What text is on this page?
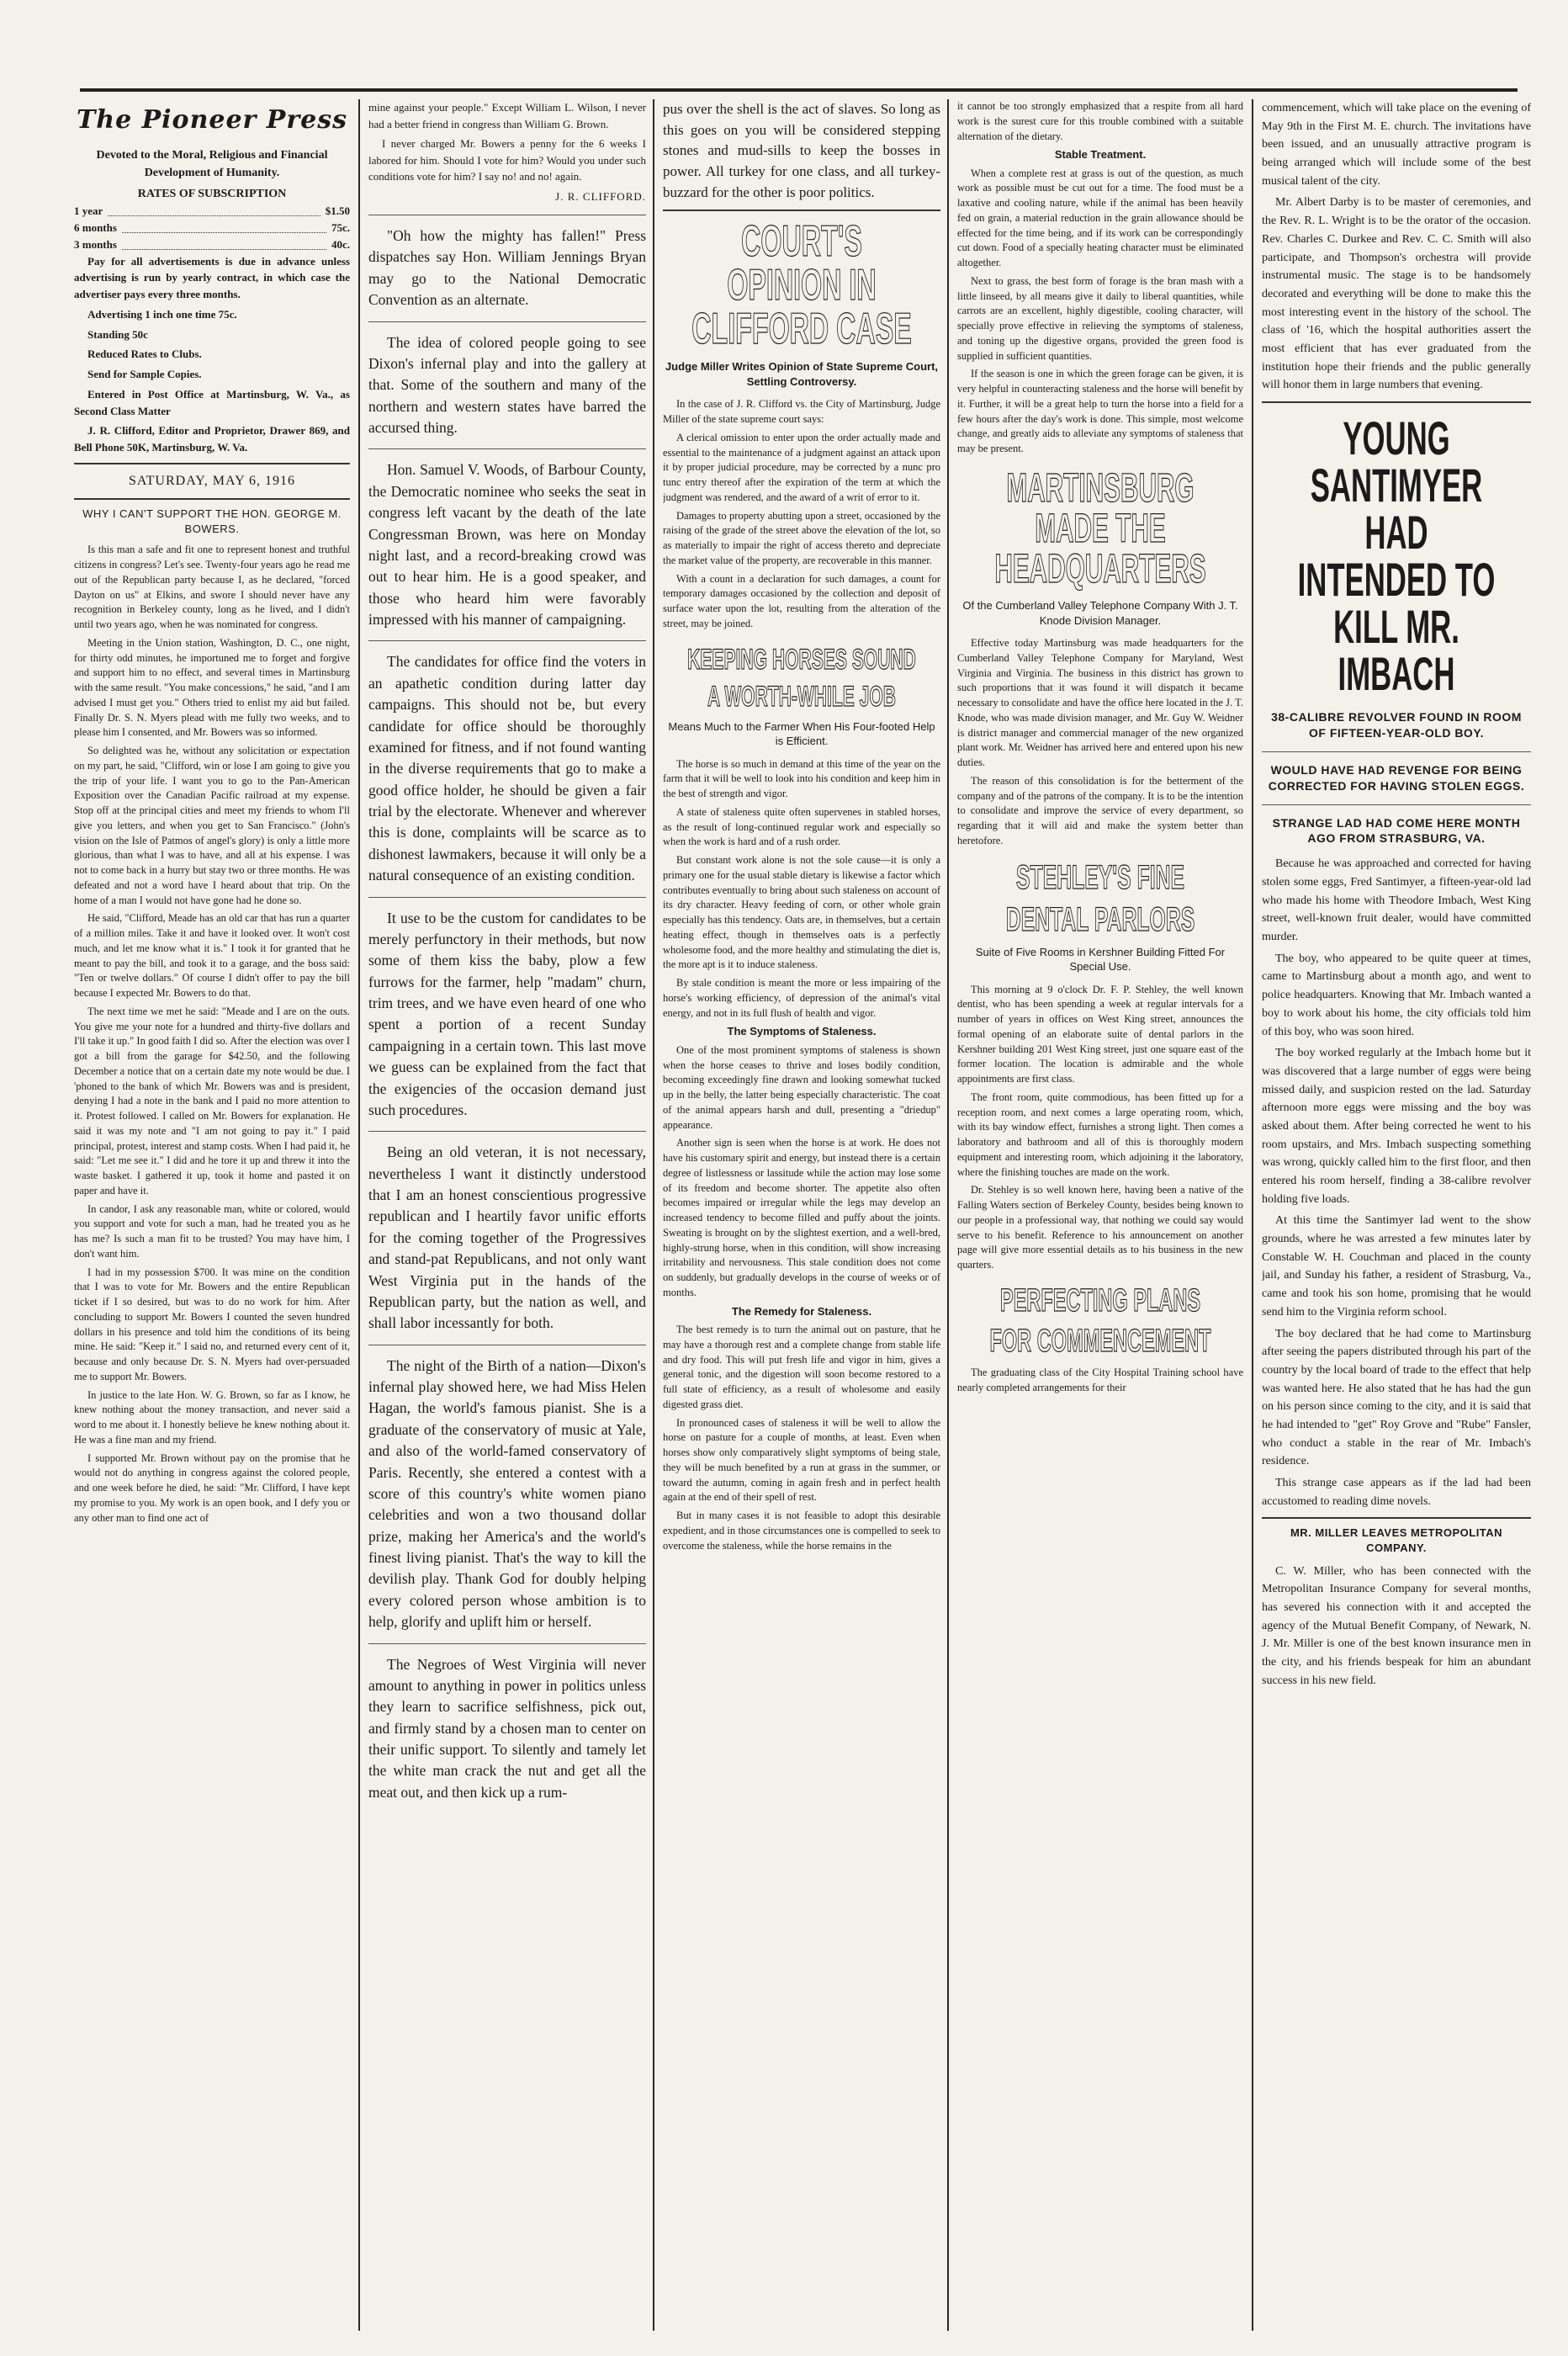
The Pioneer Press
Devoted to the Moral, Religious and Financial Development of Humanity.
RATES OF SUBSCRIPTION
1 year	$1.50
6 months	75c.
3 months	40c.

Pay for all advertisements is due in advance unless advertising is run by yearly contract, in which case the advertiser pays every three months.

Advertising 1 inch one time 75c.

Standing 50c

Reduced Rates to Clubs.

Send for Sample Copies.

Entered in Post Office at Martinsburg, W. Va., as Second Class Matter

J. R. Clifford, Editor and Proprietor, Drawer 869, and Bell Phone 50K, Martinsburg, W. Va.

SATURDAY, MAY 6, 1916
WHY I CAN'T SUPPORT THE HON. GEORGE M. BOWERS.

Is this man a safe and fit one to represent honest and truthful citizens in congress? Let's see. Twenty-four years ago he read me out of the Republican party because I, as he declared, "forced Dayton on us" at Elkins, and swore I should never have any recognition in Berkeley county, long as he lived, and I didn't until two years ago, when he was nominated for congress.

Meeting in the Union station, Washington, D. C., one night, for thirty odd minutes, he importuned me to forget and forgive and support him to no effect, and several times in Martinsburg with the same result. "You make concessions," he said, "and I am advised I must get you." Others tried to enlist my aid but failed. Finally Dr. S. N. Myers plead with me fully two weeks, and to please him I consented, and Mr. Bowers was so informed.

So delighted was he, without any solicitation or expectation on my part, he said, "Clifford, win or lose I am going to give you the trip of your life. I want you to go to the Pan-American Exposition over the Canadian Pacific railroad at my expense. Stop off at the principal cities and meet my friends to whom I'll give you letters, and when you get to San Francisco." (John's vision on the Isle of Patmos of angel's glory) is only a little more glorious, than what I was to have, and all at his expense. I was not to come back in a hurry but stay two or three months. He was defeated and not a word have I heard about that trip. On the home of a man I would not have gone had he done so.

He said, "Clifford, Meade has an old car that has run a quarter of a million miles. Take it and have it looked over. It won't cost much, and let me know what it is." I took it for granted that he meant to pay the bill, and took it to a garage, and the boss said: "Ten or twelve dollars." Of course I didn't offer to pay the bill because I expected Mr. Bowers to do that.

The next time we met he said: "Meade and I are on the outs. You give me your note for a hundred and thirty-five dollars and I'll take it up." In good faith I did so. After the election was over I got a bill from the garage for $42.50, and the following December a notice that on a certain date my note would be due. I 'phoned to the bank of which Mr. Bowers was and is president, denying I had a note in the bank and I paid no more attention to it. Protest followed. I called on Mr. Bowers for explanation. He said it was my note and "I am not going to pay it." I paid principal, protest, interest and stamp costs. When I had paid it, he said: "Let me see it." I did and he tore it up and threw it into the waste basket. I gathered it up, took it home and pasted it on paper and have it.

In candor, I ask any reasonable man, white or colored, would you support and vote for such a man, had he treated you as he has me? Is such a man fit to be trusted? You may have him, I don't want him.

I had in my possession $700. It was mine on the condition that I was to vote for Mr. Bowers and the entire Republican ticket if I so desired, but was to do no work for him. After concluding to support Mr. Bowers I counted the seven hundred dollars in his presence and told him the conditions of its being mine. He said: "Keep it." I said no, and returned every cent of it, because and only because Dr. S. N. Myers had over-persuaded me to support Mr. Bowers.

In justice to the late Hon. W. G. Brown, so far as I know, he knew nothing about the money transaction, and never said a word to me about it. I honestly believe he knew nothing about it. He was a fine man and my friend.

I supported Mr. Brown without pay on the promise that he would not do anything in congress against the colored people, and one week before he died, he said: "Mr. Clifford, I have kept my promise to you. My work is an open book, and I defy you or any other man to find one act of

mine against your people." Except William L. Wilson, I never had a better friend in congress than William G. Brown.

I never charged Mr. Bowers a penny for the 6 weeks I labored for him. Should I vote for him? Would you under such conditions vote for him? I say no! and no! again.

J. R. CLIFFORD.

"Oh how the mighty has fallen!" Press dispatches say Hon. William Jennings Bryan may go to the National Democratic Convention as an alternate.

The idea of colored people going to see Dixon's infernal play and into the gallery at that. Some of the southern and many of the northern and western states have barred the accursed thing.

Hon. Samuel V. Woods, of Barbour County, the Democratic nominee who seeks the seat in congress left vacant by the death of the late Congressman Brown, was here on Monday night last, and a record-breaking crowd was out to hear him. He is a good speaker, and those who heard him were favorably impressed with his manner of campaigning.

The candidates for office find the voters in an apathetic condition during latter day campaigns. This should not be, but every candidate for office should be thoroughly examined for fitness, and if not found wanting in the diverse requirements that go to make a good office holder, he should be given a fair trial by the electorate. Whenever and wherever this is done, complaints will be scarce as to dishonest lawmakers, because it will only be a natural consequence of an existing condition.

It use to be the custom for candidates to be merely perfunctory in their methods, but now some of them kiss the baby, plow a few furrows for the farmer, help "madam" churn, trim trees, and we have even heard of one who spent a portion of a recent Sunday campaigning in a certain town. This last move we guess can be explained from the fact that the exigencies of the occasion demand just such procedures.

Being an old veteran, it is not necessary, nevertheless I want it distinctly understood that I am an honest conscientious progressive republican and I heartily favor unific efforts for the coming together of the Progressives and stand-pat Republicans, and not only want West Virginia put in the hands of the Republican party, but the nation as well, and shall labor incessantly for both.

The night of the Birth of a nation—Dixon's infernal play showed here, we had Miss Helen Hagan, the world's famous pianist. She is a graduate of the conservatory of music at Yale, and also of the world-famed conservatory of Paris. Recently, she entered a contest with a score of this country's white women piano celebrities and won a two thousand dollar prize, making her America's and the world's finest living pianist. That's the way to kill the devilish play. Thank God for doubly helping every colored person whose ambition is to help, glorify and uplift him or herself.

The Negroes of West Virginia will never amount to anything in power in politics unless they learn to sacrifice selfishness, pick out, and firmly stand by a chosen man to center on their unific support. To silently and tamely let the white man crack the nut and get all the meat out, and then kick up a rum-

pus over the shell is the act of slaves. So long as this goes on you will be considered stepping stones and mud-sills to keep the bosses in power. All turkey for one class, and all turkey-buzzard for the other is poor politics.

COURT'S OPINION IN CLIFFORD CASE
Judge Miller Writes Opinion of State Supreme Court, Settling Controversy.

In the case of J. R. Clifford vs. the City of Martinsburg, Judge Miller of the state supreme court says:

A clerical omission to enter upon the order actually made and essential to the maintenance of a judgment against an attack upon it by proper judicial procedure, may be corrected by a nunc pro tunc entry thereof after the expiration of the term at which the judgment was rendered, and the award of a writ of error to it.

Damages to property abutting upon a street, occasioned by the raising of the grade of the street above the elevation of the lot, so as materially to impair the right of access thereto and depreciate the market value of the property, are recoverable in this manner.

With a count in a declaration for such damages, a count for temporary damages occasioned by the collection and deposit of surface water upon the lot, resulting from the alteration of the street, may be joined.

KEEPING HORSES SOUND
A WORTH-WHILE JOB
Means Much to the Farmer When His Four-footed Help is Efficient.

The horse is so much in demand at this time of the year on the farm that it will be well to look into his condition and keep him in the best of strength and vigor.

A state of staleness quite often supervenes in stabled horses, as the result of long-continued regular work and especially so when the work is hard and of a rush order.

But constant work alone is not the sole cause—it is only a primary one for the usual stable dietary is likewise a factor which contributes eventually to bring about such staleness on account of its dry character. Heavy feeding of corn, or other whole grain especially has this tendency. Oats are, in themselves, but a certain heating effect, though in themselves oats is a perfectly wholesome food, and the more healthy and stimulating the diet is, the more apt is it to induce staleness.

By stale condition is meant the more or less impairing of the horse's working efficiency, of depression of the animal's vital energy, and not in its full flush of health and vigor.

The Symptoms of Staleness.

One of the most prominent symptoms of staleness is shown when the horse ceases to thrive and loses bodily condition, becoming exceedingly fine drawn and looking somewhat tucked up in the belly, the latter being especially characteristic. The coat of the animal appears harsh and dull, presenting a "driedup" appearance.

Another sign is seen when the horse is at work. He does not have his customary spirit and energy, but instead there is a certain degree of listlessness or lassitude while the action may lose some of its freedom and become shorter. The appetite also often becomes impaired or irregular while the legs may develop an increased tendency to become filled and puffy about the joints. Sweating is brought on by the slightest exertion, and a well-bred, highly-strung horse, when in this condition, will show increasing irritability and nervousness. This stale condition does not come on suddenly, but gradually develops in the course of weeks or of months.

The Remedy for Staleness.

The best remedy is to turn the animal out on pasture, that he may have a thorough rest and a complete change from stable life and dry food. This will put fresh life and vigor in him, gives a general tonic, and the digestion will soon become restored to a full state of efficiency, as a result of wholesome and easily digested grass diet.

In pronounced cases of staleness it will be well to allow the horse on pasture for a couple of months, at least. Even when horses show only comparatively slight symptoms of being stale, they will be much benefited by a run at grass in the summer, or toward the autumn, coming in again fresh and in perfect health again at the end of their spell of rest.

But in many cases it is not feasible to adopt this desirable expedient, and in those circumstances one is compelled to seek to overcome the staleness, while the horse remains in the

it cannot be too strongly emphasized that a respite from all hard work is the surest cure for this trouble combined with a suitable alternation of the dietary.

Stable Treatment.

When a complete rest at grass is out of the question, as much work as possible must be cut out for a time. The food must be a laxative and cooling nature, while if the animal has been heavily fed on grain, a material reduction in the grain allowance should be effected for the time being, and if its work can be correspondingly cut down. Food of a specially heating character must be eliminated altogether.

Next to grass, the best form of forage is the bran mash with a little linseed, by all means give it daily to liberal quantities, while carrots are an excellent, highly digestible, cooling character, will specially prove effective in relieving the symptoms of staleness, and toning up the digestive organs, provided the green food is supplied in sufficient quantities.

If the season is one in which the green forage can be given, it is very helpful in counteracting staleness and the horse will benefit by it. Further, it will be a great help to turn the horse into a field for a few hours after the day's work is done. This simple, most welcome change, and greatly aids to alleviate any symptoms of staleness that may be present.

MARTINSBURG MADE THE HEADQUARTERS
Of the Cumberland Valley Telephone Company With J. T. Knode Division Manager.

Effective today Martinsburg was made headquarters for the Cumberland Valley Telephone Company for Maryland, West Virginia and Virginia. The business in this district has grown to such proportions that it was found it will dispatch it became necessary to consolidate and have the office here located in the J. T. Knode, who was made division manager, and Mr. Guy W. Weidner is district manager and commercial manager of the new organized plant work. Mr. Weidner has arrived here and entered upon his new duties.

The reason of this consolidation is for the betterment of the company and of the patrons of the company. It is to be the intention to consolidate and improve the service of every department, so regarding that it will aid and make the system better than heretofore.

STEHLEY'S FINE
DENTAL PARLORS
Suite of Five Rooms in Kershner Building Fitted For Special Use.

This morning at 9 o'clock Dr. F. P. Stehley, the well known dentist, who has been spending a week at regular intervals for a number of years in offices on West King street, announces the formal opening of an elaborate suite of dental parlors in the Kershner building 201 West King street, just one square east of the former location. The location is admirable and the whole appointments are first class.

The front room, quite commodious, has been fitted up for a reception room, and next comes a large operating room, which, with its bay window effect, furnishes a strong light. Then comes a laboratory and bathroom and all of this is thoroughly modern equipment and interesting room, which adjoining it the laboratory, where the finishing touches are made on the work.

Dr. Stehley is so well known here, having been a native of the Falling Waters section of Berkeley County, besides being known to our people in a professional way, that nothing we could say would serve to his benefit. Reference to his announcement on another page will give more essential details as to his business in the new quarters.

PERFECTING PLANS
FOR COMMENCEMENT

The graduating class of the City Hospital Training school have nearly completed arrangements for their

commencement, which will take place on the evening of May 9th in the First M. E. church. The invitations have been issued, and an unusually attractive program is being arranged which will include some of the best musical talent of the city.

Mr. Albert Darby is to be master of ceremonies, and the Rev. R. L. Wright is to be the orator of the occasion. Rev. Charles C. Durkee and Rev. C. C. Smith will also participate, and Thompson's orchestra will provide instrumental music. The stage is to be handsomely decorated and everything will be done to make this the most interesting event in the history of the school. The class of '16, which the hospital authorities assert the most efficient that has ever graduated from the institution hope their friends and the public generally will honor them in large numbers that evening.

YOUNG SANTIMYER HAD INTENDED TO KILL MR. IMBACH
38-CALIBRE REVOLVER FOUND IN ROOM OF FIFTEEN-YEAR-OLD BOY.
WOULD HAVE HAD REVENGE FOR BEING CORRECTED FOR HAVING STOLEN EGGS.
STRANGE LAD HAD COME HERE MONTH AGO FROM STRASBURG, VA.

Because he was approached and corrected for having stolen some eggs, Fred Santimyer, a fifteen-year-old lad who made his home with Theodore Imbach, West King street, well-known fruit dealer, would have committed murder.

The boy, who appeared to be quite queer at times, came to Martinsburg about a month ago, and went to police headquarters. Knowing that Mr. Imbach wanted a boy to work about his home, the city officials told him of this boy, who was soon hired.

The boy worked regularly at the Imbach home but it was discovered that a large number of eggs were being missed daily, and suspicion rested on the lad. Saturday afternoon more eggs were missing and the boy was asked about them. After being corrected he went to his room upstairs, and Mrs. Imbach suspecting something was wrong, quickly called him to the first floor, and then entered his room herself, finding a 38-calibre revolver holding five loads.

At this time the Santimyer lad went to the show grounds, where he was arrested a few minutes later by Constable W. H. Couchman and placed in the county jail, and Sunday his father, a resident of Strasburg, Va., came and took his son home, promising that he would send him to the Virginia reform school.

The boy declared that he had come to Martinsburg after seeing the papers distributed through his part of the country by the local board of trade to the effect that help was wanted here. He also stated that he has had the gun on his person since coming to the city, and it is said that he had intended to "get" Roy Grove and "Rube" Fansler, who conduct a stable in the rear of Mr. Imbach's residence.

This strange case appears as if the lad had been accustomed to reading dime novels.

MR. MILLER LEAVES METROPOLITAN COMPANY.

C. W. Miller, who has been connected with the Metropolitan Insurance Company for several months, has severed his connection with it and accepted the agency of the Mutual Benefit Company, of Newark, N. J. Mr. Miller is one of the best known insurance men in the city, and his friends bespeak for him an abundant success in his new field.
